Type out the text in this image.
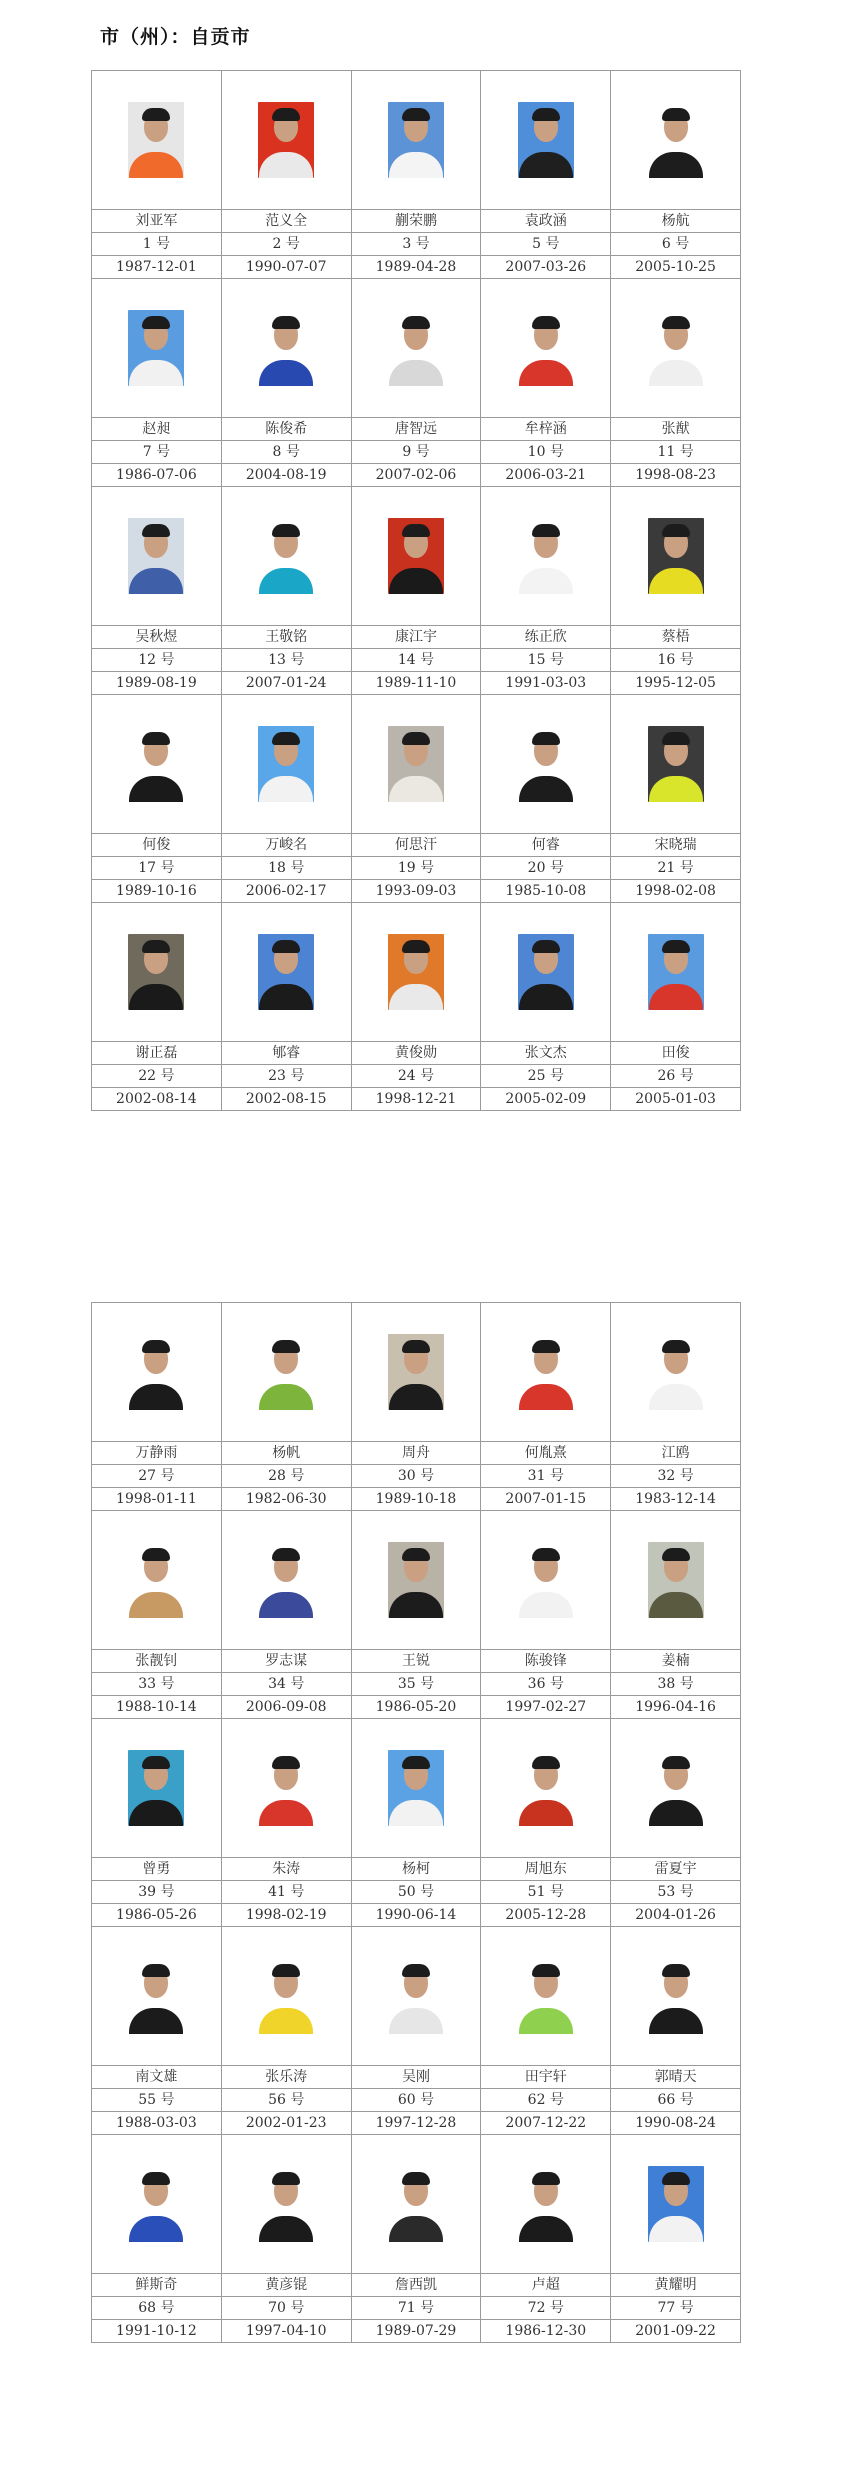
市（州）：自贡市

刘亚军	范义全	蒯荣鹏	袁政涵	杨航
1 号	2 号	3 号	5 号	6 号
1987-12-01	1990-07-07	1989-04-28	2007-03-26	2005-10-25

赵昶	陈俊希	唐智远	牟梓涵	张猷
7 号	8 号	9 号	10 号	11 号
1986-07-06	2004-08-19	2007-02-06	2006-03-21	1998-08-23

吴秋煜	王敬铭	康江宇	练正欣	蔡梧
12 号	13 号	14 号	15 号	16 号
1989-08-19	2007-01-24	1989-11-10	1991-03-03	1995-12-05

何俊	万峻名	何思汗	何睿	宋晓瑞
17 号	18 号	19 号	20 号	21 号
1989-10-16	2006-02-17	1993-09-03	1985-10-08	1998-02-08

谢正磊	郇睿	黄俊勋	张文杰	田俊
22 号	23 号	24 号	25 号	26 号
2002-08-14	2002-08-15	1998-12-21	2005-02-09	2005-01-03

万静雨	杨帆	周舟	何胤熹	江鸥
27 号	28 号	30 号	31 号	32 号
1998-01-11	1982-06-30	1989-10-18	2007-01-15	1983-12-14

张靓钊	罗志谋	王锐	陈骏锋	姜楠
33 号	34 号	35 号	36 号	38 号
1988-10-14	2006-09-08	1986-05-20	1997-02-27	1996-04-16

曾勇	朱涛	杨柯	周旭东	雷夏宇
39 号	41 号	50 号	51 号	53 号
1986-05-26	1998-02-19	1990-06-14	2005-12-28	2004-01-26

南文雄	张乐涛	吴刚	田宇轩	郭晴天
55 号	56 号	60 号	62 号	66 号
1988-03-03	2002-01-23	1997-12-28	2007-12-22	1990-08-24

鲜斯奇	黄彦锟	詹西凯	卢超	黄耀明
68 号	70 号	71 号	72 号	77 号
1991-10-12	1997-04-10	1989-07-29	1986-12-30	2001-09-22
